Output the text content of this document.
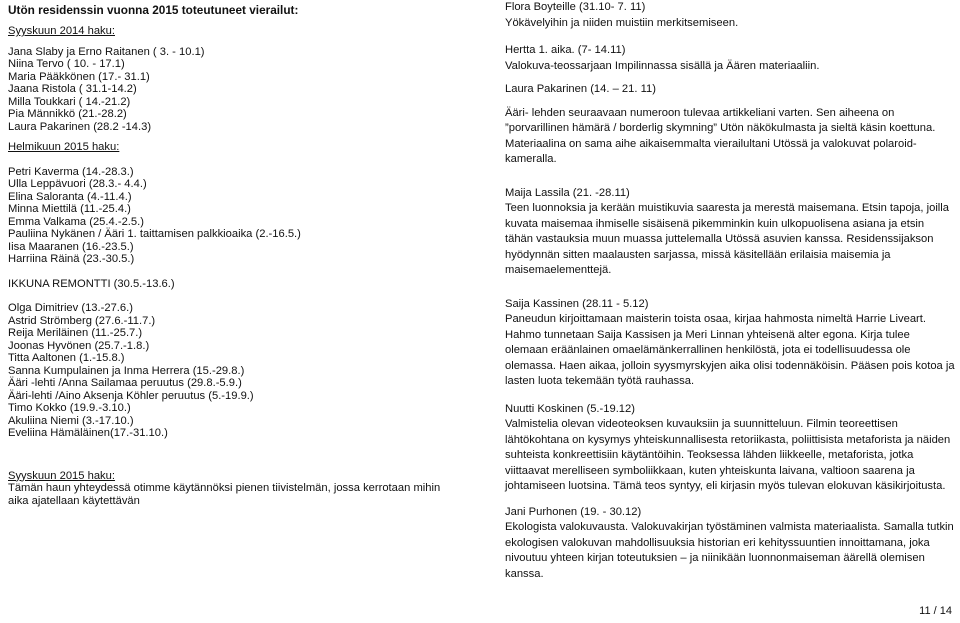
Utön residenssin vuonna 2015 toteutuneet vierailut:
Syyskuun 2014 haku:
Jana Slaby ja Erno Raitanen ( 3. - 10.1)
Niina Tervo ( 10. - 17.1)
Maria Pääkkönen (17.- 31.1)
Jaana Ristola ( 31.1-14.2)
Milla Toukkari ( 14.-21.2)
Pia Männikkö (21.-28.2)
Laura Pakarinen (28.2 -14.3)
Helmikuun 2015 haku:
Petri Kaverma (14.-28.3.)
Ulla Leppävuori (28.3.- 4.4.)
Elina Saloranta (4.-11.4.)
Minna Miettilä (11.-25.4.)
Emma Valkama (25.4.-2.5.)
Pauliina Nykänen / Ääri 1. taittamisen palkkioaika (2.-16.5.)
Iisa Maaranen (16.-23.5.)
Harriina Räinä (23.-30.5.)
IKKUNA REMONTTI (30.5.-13.6.)
Olga Dimitriev (13.-27.6.)
Astrid Strömberg (27.6.-11.7.)
Reija Meriläinen (11.-25.7.)
Joonas Hyvönen (25.7.-1.8.)
Titta Aaltonen (1.-15.8.)
Sanna Kumpulainen ja Inma Herrera (15.-29.8.)
Ääri -lehti /Anna Sailamaa peruutus (29.8.-5.9.)
Ääri-lehti /Aino Aksenja Köhler peruutus (5.-19.9.)
Timo Kokko (19.9.-3.10.)
Akuliina Niemi (3.-17.10.)
Eveliina Hämäläinen(17.-31.10.)
Syyskuun 2015 haku:
Tämän haun yhteydessä otimme käytännöksi pienen tiivistelmän, jossa kerrotaan mihin aika ajatellaan käytettävän
Flora Boyteille (31.10- 7. 11)
Yökävelyihin ja niiden muistiin merkitsemiseen.
Hertta 1. aika. (7- 14.11)
Valokuva-teossarjaan Impilinnassa sisällä ja Äären materiaaliin.
Laura Pakarinen (14. – 21. 11)
Ääri- lehden seuraavaan numeroon tulevaa artikkeliani varten. Sen aiheena on ”porvarillinen hämärä / borderlig skymning” Utön näkökulmasta ja sieltä käsin koettuna. Materiaalina on sama aihe aikaisemmalta vierailultani Utössä ja valokuvat polaroid-kameralla.
Maija Lassila (21. -28.11)
Teen luonnoksia ja kerään muistikuvia saaresta ja merestä maisemana. Etsin tapoja, joilla kuvata maisemaa ihmiselle sisäisenä pikemminkin kuin ulkopuolisena asiana ja etsin tähän vastauksia muun muassa juttelemalla Utössä asuvien kanssa. Residenssijakson hyödynnän sitten maalausten sarjassa, missä käsitellään erilaisia maisemia ja maisemaelementtejä.
Saija Kassinen (28.11 - 5.12)
Paneudun kirjoittamaan maisterin toista osaa, kirjaa hahmosta nimeltä Harrie Liveart. Hahmo tunnetaan Saija Kassisen ja Meri Linnan yhteisenä alter egona. Kirja tulee olemaan eräänlainen omaelämänkerrallinen henkilöstä, jota ei todellisuudessa ole olemassa. Haen aikaa, jolloin syysmyrskyjen aika olisi todennäköisin. Pääsen pois kotoa ja lasten luota tekemään työtä rauhassa.
Nuutti Koskinen (5.-19.12)
Valmistelia olevan videoteoksen kuvauksiin ja suunnitteluun. Filmin teoreettisen lähtökohtana on kysymys yhteiskunnallisesta retoriikasta, poliittisista metaforista ja näiden suhteista konkreettisiin käytäntöihin. Teoksessa lähden liikkeelle, metaforista, jotka viittaavat merelliseen symboliikkaan, kuten yhteiskunta laivana, valtioon saarena ja johtamiseen luotsina. Tämä teos syntyy, eli kirjasin myös tulevan elokuvan käsikirjoitusta.
Jani Purhonen (19. - 30.12)
Ekologista valokuvausta. Valokuvakirjan työstäminen valmista materiaalista. Samalla tutkin ekologisen valokuvan mahdollisuuksia historian eri kehityssuuntien innoittamana, joka nivoutuu yhteen kirjan toteutuksien – ja niinikään luonnonmaiseman äärellä olemisen kanssa.
11 / 14
